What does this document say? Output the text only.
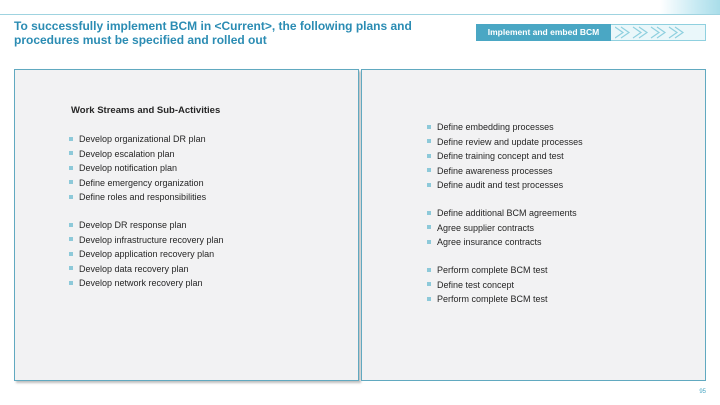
To successfully implement BCM in <Current>, the following plans and procedures must be specified and rolled out
Implement and embed BCM
Work Streams and Sub-Activities
Develop organizational DR plan
Develop escalation plan
Develop notification plan
Define emergency organization
Define roles and responsibilities
Develop DR response plan
Develop infrastructure recovery plan
Develop application recovery plan
Develop data recovery plan
Develop network recovery plan
Define embedding processes
Define review and update processes
Define training concept and test
Define awareness processes
Define audit and test processes
Define additional BCM agreements
Agree supplier contracts
Agree insurance contracts
Perform complete BCM test
Define test concept
Perform complete BCM test
95
